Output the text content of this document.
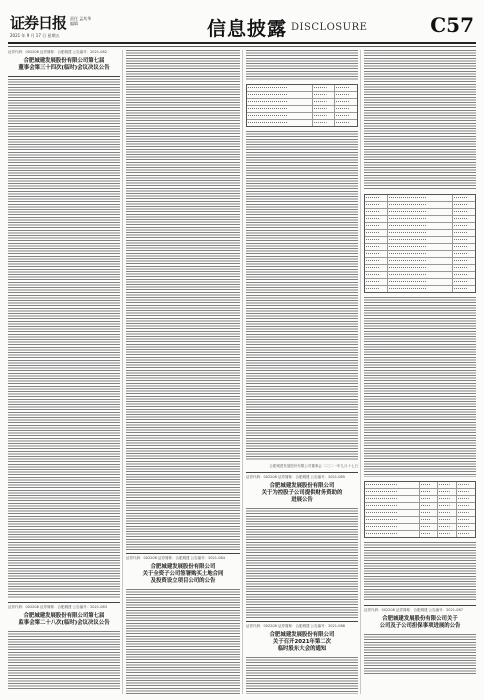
证券日报 责任 孟兆华
编辑
2021 年 9 月 17 日 星期五	信息披露 DISCLOSURE	C57
证券代码：002208 证券简称：合肥城建 公告编号：2021-082
合肥城建发展股份有限公司第七届
董事会第三十四次(临时)会议决议公告
证券代码：002208 证券简称：合肥城建 公告编号：2021-083
合肥城建发展股份有限公司第七届
监事会第二十八次(临时)会议决议公告
证券代码：002208 证券简称：合肥城建 公告编号：2021-084
合肥城建发展股份有限公司
关于全资子公司签署购买土地合同
及投资设立项目公司的公告
合肥城建发展股份有限公司董事会 二〇二一年九月十七日
证券代码：002208 证券简称：合肥城建 公告编号：2021-085
合肥城建发展股份有限公司
关于为控股子公司提供财务资助的
进展公告
证券代码：002208 证券简称：合肥城建 公告编号：2021-086
合肥城建发展股份有限公司
关于召开2021年第二次
临时股东大会的通知
证券代码：002208 证券简称：合肥城建 公告编号：2021-087
合肥城建发展股份有限公司关于
公司及子公司担保事项进展的公告
